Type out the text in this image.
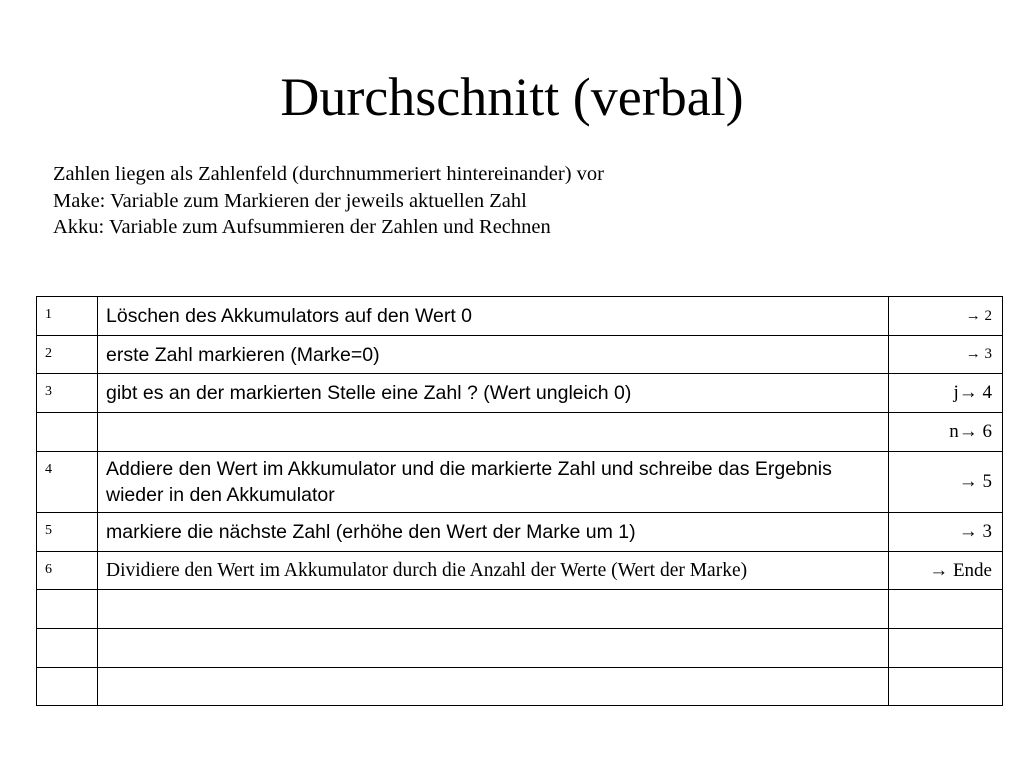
Durchschnitt (verbal)
Zahlen liegen als Zahlenfeld (durchnummeriert hintereinander) vor
Make: Variable zum Markieren der jeweils aktuellen Zahl
Akku: Variable zum Aufsummieren der Zahlen und Rechnen
1	Löschen des Akkumulators auf den Wert 0	→ 2
2	erste Zahl markieren (Marke=0)	→ 3
3	gibt es an der markierten Stelle eine Zahl ? (Wert ungleich 0)	j→ 4
		n→ 6
4	Addiere den Wert im Akkumulator und die markierte Zahl und schreibe das Ergebnis wieder in den Akkumulator	→ 5
5	markiere die nächste Zahl (erhöhe den Wert der Marke um 1)	→ 3
6	Dividiere den Wert im Akkumulator durch die Anzahl der Werte (Wert der Marke)	→ Ende
